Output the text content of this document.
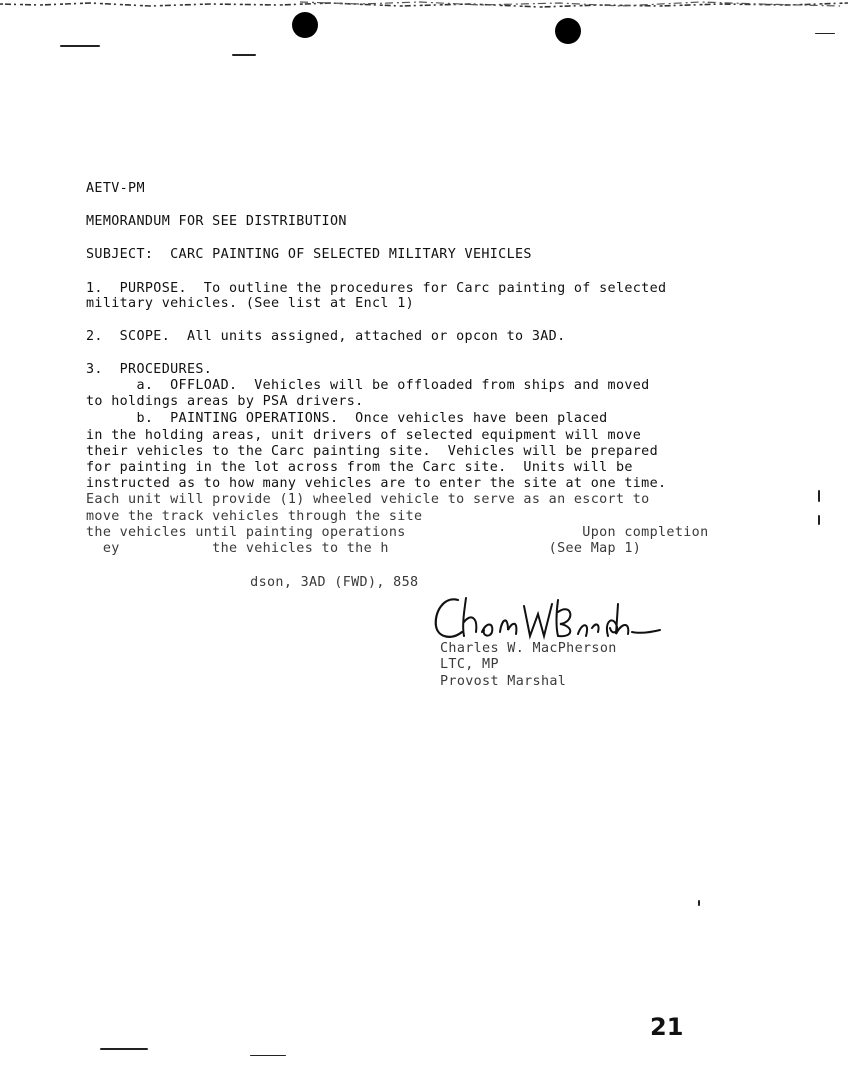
AETV-PM
MEMORANDUM FOR SEE DISTRIBUTION
SUBJECT:  CARC PAINTING OF SELECTED MILITARY VEHICLES
1.  PURPOSE.  To outline the procedures for Carc painting of selected
military vehicles. (See list at Encl 1)
2.  SCOPE.  All units assigned, attached or opcon to 3AD.
3.  PROCEDURES.
a.  OFFLOAD.  Vehicles will be offloaded from ships and moved
to holdings areas by PSA drivers.
b.  PAINTING OPERATIONS.  Once vehicles have been placed
in the holding areas, unit drivers of selected equipment will move
their vehicles to the Carc painting site.  Vehicles will be prepared
for painting in the lot across from the Carc site.  Units will be
instructed as to how many vehicles are to enter the site at one time.
Each unit will provide (1) wheeled vehicle to serve as an escort to
move the track vehicles through the site
the vehicles until painting operations                     Upon completion
ey           the vehicles to the h                   (See Map 1)
dson, 3AD (FWD), 858
Charles W. MacPherson
LTC, MP
Provost Marshal
21
